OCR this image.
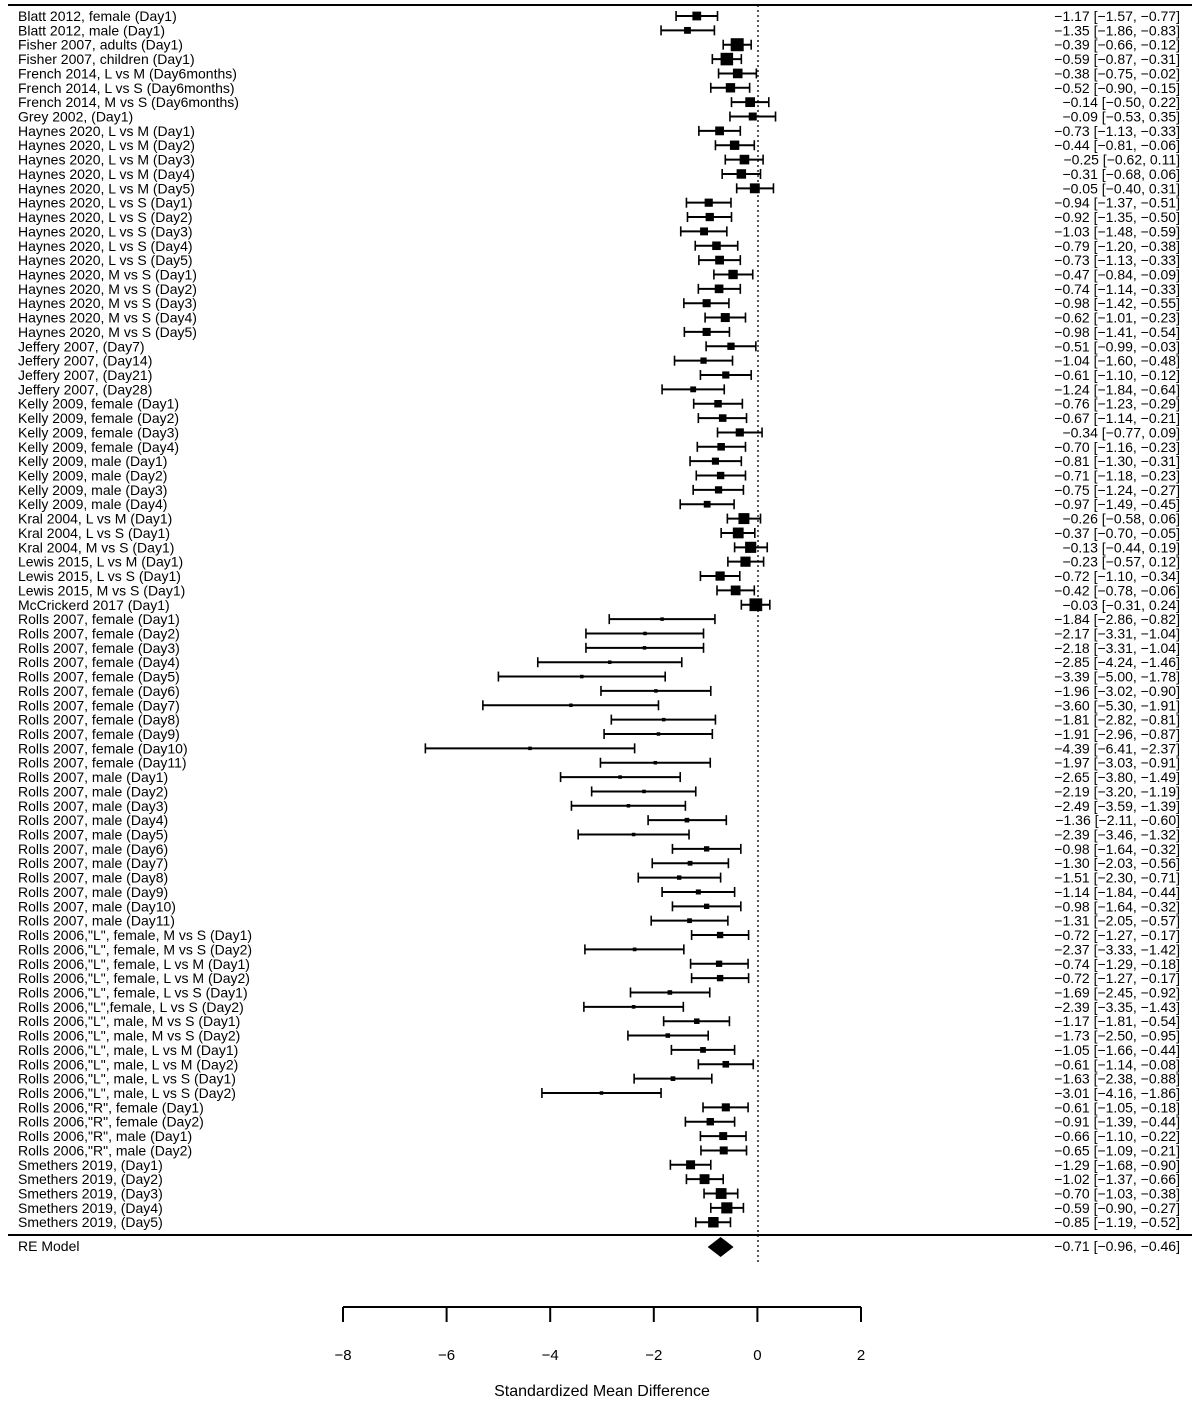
Blatt 2012, female (Day1)	−1.17 [−1.57, −0.77]
Blatt 2012, male (Day1)	−1.35 [−1.86, −0.83]
Fisher 2007, adults (Day1)	−0.39 [−0.66, −0.12]
Fisher 2007, children (Day1)	−0.59 [−0.87, −0.31]
French 2014, L vs M (Day6months)	−0.38 [−0.75, −0.02]
French 2014, L vs S (Day6months)	−0.52 [−0.90, −0.15]
French 2014, M vs S (Day6months)	−0.14 [−0.50, 0.22]
Grey 2002, (Day1)	−0.09 [−0.53, 0.35]
Haynes 2020, L vs M (Day1)	−0.73 [−1.13, −0.33]
Haynes 2020, L vs M (Day2)	−0.44 [−0.81, −0.06]
Haynes 2020, L vs M (Day3)	−0.25 [−0.62, 0.11]
Haynes 2020, L vs M (Day4)	−0.31 [−0.68, 0.06]
Haynes 2020, L vs M (Day5)	−0.05 [−0.40, 0.31]
Haynes 2020, L vs S (Day1)	−0.94 [−1.37, −0.51]
Haynes 2020, L vs S (Day2)	−0.92 [−1.35, −0.50]
Haynes 2020, L vs S (Day3)	−1.03 [−1.48, −0.59]
Haynes 2020, L vs S (Day4)	−0.79 [−1.20, −0.38]
Haynes 2020, L vs S (Day5)	−0.73 [−1.13, −0.33]
Haynes 2020, M vs S (Day1)	−0.47 [−0.84, −0.09]
Haynes 2020, M vs S (Day2)	−0.74 [−1.14, −0.33]
Haynes 2020, M vs S (Day3)	−0.98 [−1.42, −0.55]
Haynes 2020, M vs S (Day4)	−0.62 [−1.01, −0.23]
Haynes 2020, M vs S (Day5)	−0.98 [−1.41, −0.54]
Jeffery 2007, (Day7)	−0.51 [−0.99, −0.03]
Jeffery 2007, (Day14)	−1.04 [−1.60, −0.48]
Jeffery 2007, (Day21)	−0.61 [−1.10, −0.12]
Jeffery 2007, (Day28)	−1.24 [−1.84, −0.64]
Kelly 2009, female (Day1)	−0.76 [−1.23, −0.29]
Kelly 2009, female (Day2)	−0.67 [−1.14, −0.21]
Kelly 2009, female (Day3)	−0.34 [−0.77, 0.09]
Kelly 2009, female (Day4)	−0.70 [−1.16, −0.23]
Kelly 2009, male (Day1)	−0.81 [−1.30, −0.31]
Kelly 2009, male (Day2)	−0.71 [−1.18, −0.23]
Kelly 2009, male (Day3)	−0.75 [−1.24, −0.27]
Kelly 2009, male (Day4)	−0.97 [−1.49, −0.45]
Kral 2004, L vs M (Day1)	−0.26 [−0.58, 0.06]
Kral 2004, L vs S (Day1)	−0.37 [−0.70, −0.05]
Kral 2004, M vs S (Day1)	−0.13 [−0.44, 0.19]
Lewis 2015, L vs M (Day1)	−0.23 [−0.57, 0.12]
Lewis 2015, L vs S (Day1)	−0.72 [−1.10, −0.34]
Lewis 2015, M vs S (Day1)	−0.42 [−0.78, −0.06]
McCrickerd 2017 (Day1)	−0.03 [−0.31, 0.24]
Rolls 2007, female (Day1)	−1.84 [−2.86, −0.82]
Rolls 2007, female (Day2)	−2.17 [−3.31, −1.04]
Rolls 2007, female (Day3)	−2.18 [−3.31, −1.04]
Rolls 2007, female (Day4)	−2.85 [−4.24, −1.46]
Rolls 2007, female (Day5)	−3.39 [−5.00, −1.78]
Rolls 2007, female (Day6)	−1.96 [−3.02, −0.90]
Rolls 2007, female (Day7)	−3.60 [−5.30, −1.91]
Rolls 2007, female (Day8)	−1.81 [−2.82, −0.81]
Rolls 2007, female (Day9)	−1.91 [−2.96, −0.87]
Rolls 2007, female (Day10)	−4.39 [−6.41, −2.37]
Rolls 2007, female (Day11)	−1.97 [−3.03, −0.91]
Rolls 2007, male (Day1)	−2.65 [−3.80, −1.49]
Rolls 2007, male (Day2)	−2.19 [−3.20, −1.19]
Rolls 2007, male (Day3)	−2.49 [−3.59, −1.39]
Rolls 2007, male (Day4)	−1.36 [−2.11, −0.60]
Rolls 2007, male (Day5)	−2.39 [−3.46, −1.32]
Rolls 2007, male (Day6)	−0.98 [−1.64, −0.32]
Rolls 2007, male (Day7)	−1.30 [−2.03, −0.56]
Rolls 2007, male (Day8)	−1.51 [−2.30, −0.71]
Rolls 2007, male (Day9)	−1.14 [−1.84, −0.44]
Rolls 2007, male (Day10)	−0.98 [−1.64, −0.32]
Rolls 2007, male (Day11)	−1.31 [−2.05, −0.57]
Rolls 2006,"L", female, M vs S (Day1)	−0.72 [−1.27, −0.17]
Rolls 2006,"L", female, M vs S (Day2)	−2.37 [−3.33, −1.42]
Rolls 2006,"L", female, L vs M (Day1)	−0.74 [−1.29, −0.18]
Rolls 2006,"L", female, L vs M (Day2)	−0.72 [−1.27, −0.17]
Rolls 2006,"L", female, L vs S (Day1)	−1.69 [−2.45, −0.92]
Rolls 2006,"L",female, L vs S (Day2)	−2.39 [−3.35, −1.43]
Rolls 2006,"L", male, M vs S (Day1)	−1.17 [−1.81, −0.54]
Rolls 2006,"L", male, M vs S (Day2)	−1.73 [−2.50, −0.95]
Rolls 2006,"L", male, L vs M (Day1)	−1.05 [−1.66, −0.44]
Rolls 2006,"L", male, L vs M (Day2)	−0.61 [−1.14, −0.08]
Rolls 2006,"L", male, L vs S (Day1)	−1.63 [−2.38, −0.88]
Rolls 2006,"L", male, L vs S (Day2)	−3.01 [−4.16, −1.86]
Rolls 2006,"R", female (Day1)	−0.61 [−1.05, −0.18]
Rolls 2006,"R", female (Day2)	−0.91 [−1.39, −0.44]
Rolls 2006,"R", male (Day1)	−0.66 [−1.10, −0.22]
Rolls 2006,"R", male (Day2)	−0.65 [−1.09, −0.21]
Smethers 2019, (Day1)	−1.29 [−1.68, −0.90]
Smethers 2019, (Day2)	−1.02 [−1.37, −0.66]
Smethers 2019, (Day3)	−0.70 [−1.03, −0.38]
Smethers 2019, (Day4)	−0.59 [−0.90, −0.27]
Smethers 2019, (Day5)	−0.85 [−1.19, −0.52]
RE Model	−0.71 [−0.96, −0.46]
−8	−6	−4	−2	0	2
Standardized Mean Difference
